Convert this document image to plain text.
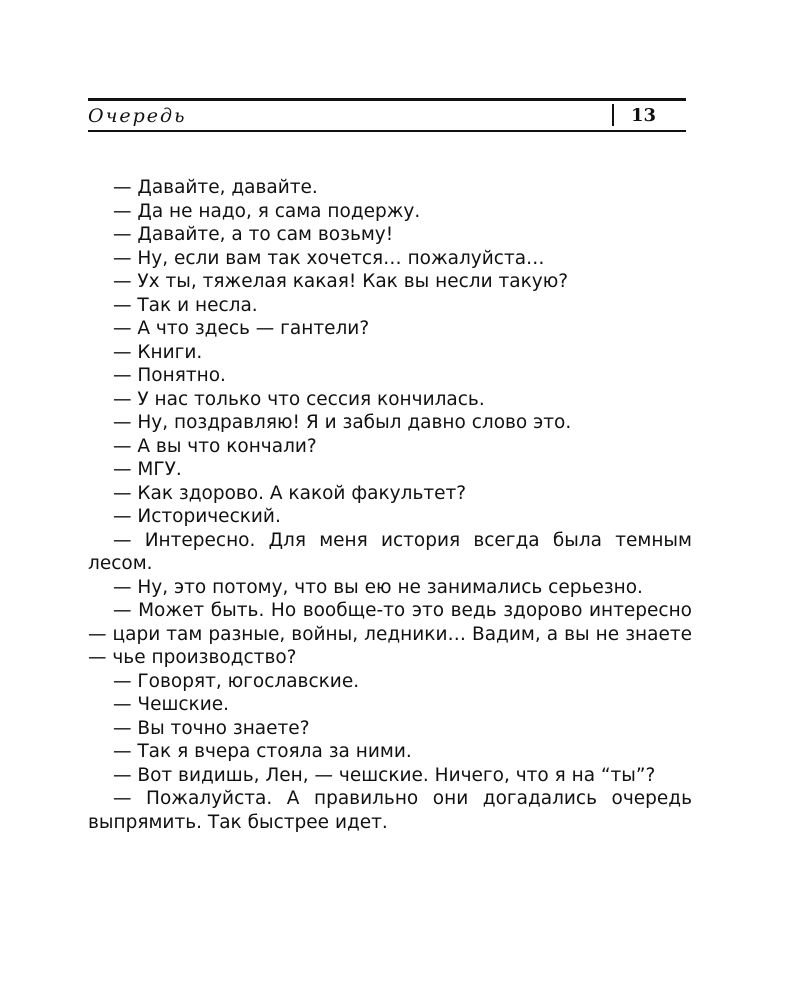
Очередь	13

— Давайте, давайте.

— Да не надо, я сама подержу.

— Давайте, а то сам возьму!

— Ну, если вам так хочется… пожалуйста…

— Ух ты, тяжелая какая! Как вы несли такую?

— Так и несла.

— А что здесь — гантели?

— Книги.

— Понятно.

— У нас только что сессия кончилась.

— Ну, поздравляю! Я и забыл давно слово это.

— А вы что кончали?

— МГУ.

— Как здорово. А какой факультет?

— Исторический.

— Интересно. Для меня история всегда была темным лесом.

— Ну, это потому, что вы ею не занимались серьезно.

— Может быть. Но вообще-то это ведь здорово интересно — цари там разные, войны, ледники… Вадим, а вы не знаете — чье производство?

— Говорят, югославские.

— Чешские.

— Вы точно знаете?

— Так я вчера стояла за ними.

— Вот видишь, Лен, — чешские. Ничего, что я на “ты”?

— Пожалуйста. А правильно они догадались очередь выпрямить. Так быстрее идет.
